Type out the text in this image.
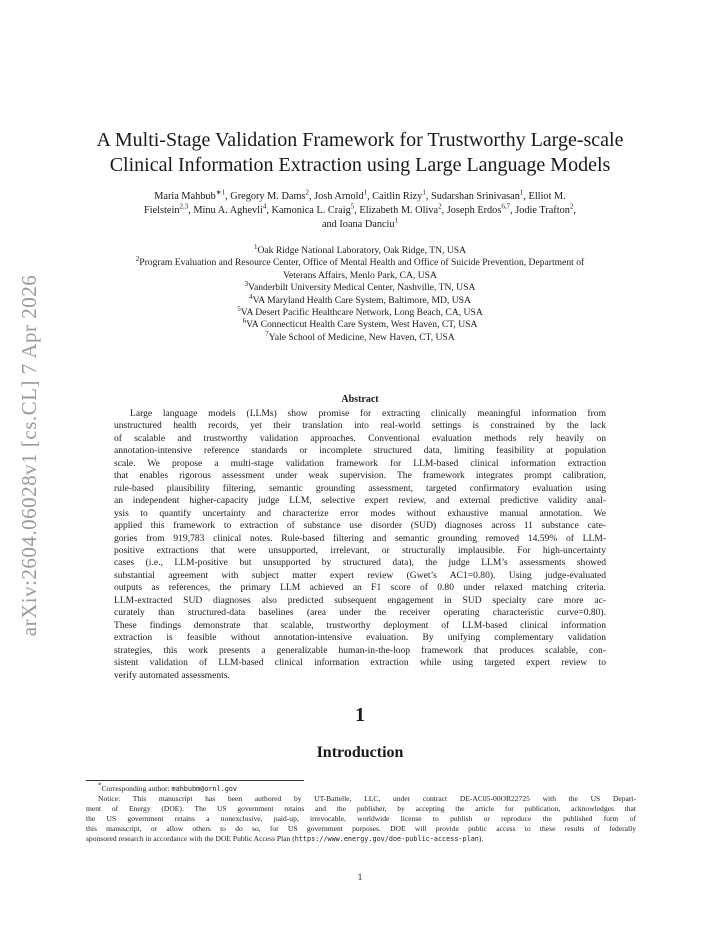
arXiv:2604.06028v1 [cs.CL] 7 Apr 2026
A Multi-Stage Validation Framework for Trustworthy Large-scale
Clinical Information Extraction using Large Language Models
Maria Mahbub$^{∗1}$, Gregory M. Dams$^2$, Josh Arnold$^1$, Caitlin Rizy$^1$, Sudarshan Srinivasan$^1$, Elliot M.
Fielstein$^{2,3}$, Minu A. Aghevli$^4$, Kamonica L. Craig$^5$, Elizabeth M. Oliva$^2$, Joseph Erdos$^{6,7}$, Jodie Trafton$^2$,
and Ioana Danciu$^1$
$^1$Oak Ridge National Laboratory, Oak Ridge, TN, USA
$^2$Program Evaluation and Resource Center, Office of Mental Health and Office of Suicide Prevention, Department of
Veterans Affairs, Menlo Park, CA, USA
$^3$Vanderbilt University Medical Center, Nashville, TN, USA
$^4$VA Maryland Health Care System, Baltimore, MD, USA
$^5$VA Desert Pacific Healthcare Network, Long Beach, CA, USA
$^6$VA Connecticut Health Care System, West Haven, CT, USA
$^7$Yale School of Medicine, New Haven, CT, USA
Abstract
Large language models (LLMs) show promise for extracting clinically meaningful information from
unstructured health records, yet their translation into real-world settings is constrained by the lack
of scalable and trustworthy validation approaches. Conventional evaluation methods rely heavily on
annotation-intensive reference standards or incomplete structured data, limiting feasibility at population
scale. We propose a multi-stage validation framework for LLM-based clinical information extraction
that enables rigorous assessment under weak supervision. The framework integrates prompt calibration,
rule-based plausibility filtering, semantic grounding assessment, targeted confirmatory evaluation using
an independent higher-capacity judge LLM, selective expert review, and external predictive validity anal-
ysis to quantify uncertainty and characterize error modes without exhaustive manual annotation. We
applied this framework to extraction of substance use disorder (SUD) diagnoses across 11 substance cate-
gories from 919,783 clinical notes. Rule-based filtering and semantic grounding removed 14.59% of LLM-
positive extractions that were unsupported, irrelevant, or structurally implausible. For high-uncertainty
cases (i.e., LLM-positive but unsupported by structured data), the judge LLM’s assessments showed
substantial agreement with subject matter expert review (Gwet’s AC1=0.80). Using judge-evaluated
outputs as references, the primary LLM achieved an F1 score of 0.80 under relaxed matching criteria.
LLM-extracted SUD diagnoses also predicted subsequent engagement in SUD specialty care more ac-
curately than structured-data baselines (area under the receiver operating characteristic curve=0.80).
These findings demonstrate that scalable, trustworthy deployment of LLM-based clinical information
extraction is feasible without annotation-intensive evaluation. By unifying complementary validation
strategies, this work presents a generalizable human-in-the-loop framework that produces scalable, con-
sistent validation of LLM-based clinical information extraction while using targeted expert review to
verify automated assessments.
1
Introduction
*Corresponding author: mahbubm@ornl.gov
Notice: This manuscript has been authored by UT-Battelle, LLC, under contract DE-AC05-00OR22725 with the US Depart-
ment of Energy (DOE). The US government retains and the publisher, by accepting the article for publication, acknowledges that
the US government retains a nonexclusive, paid-up, irrevocable, worldwide license to publish or reproduce the published form of
this manuscript, or allow others to do so, for US government purposes. DOE will provide public access to these results of federally
sponsored research in accordance with the DOE Public Access Plan (https://www.energy.gov/doe-public-access-plan).
1
